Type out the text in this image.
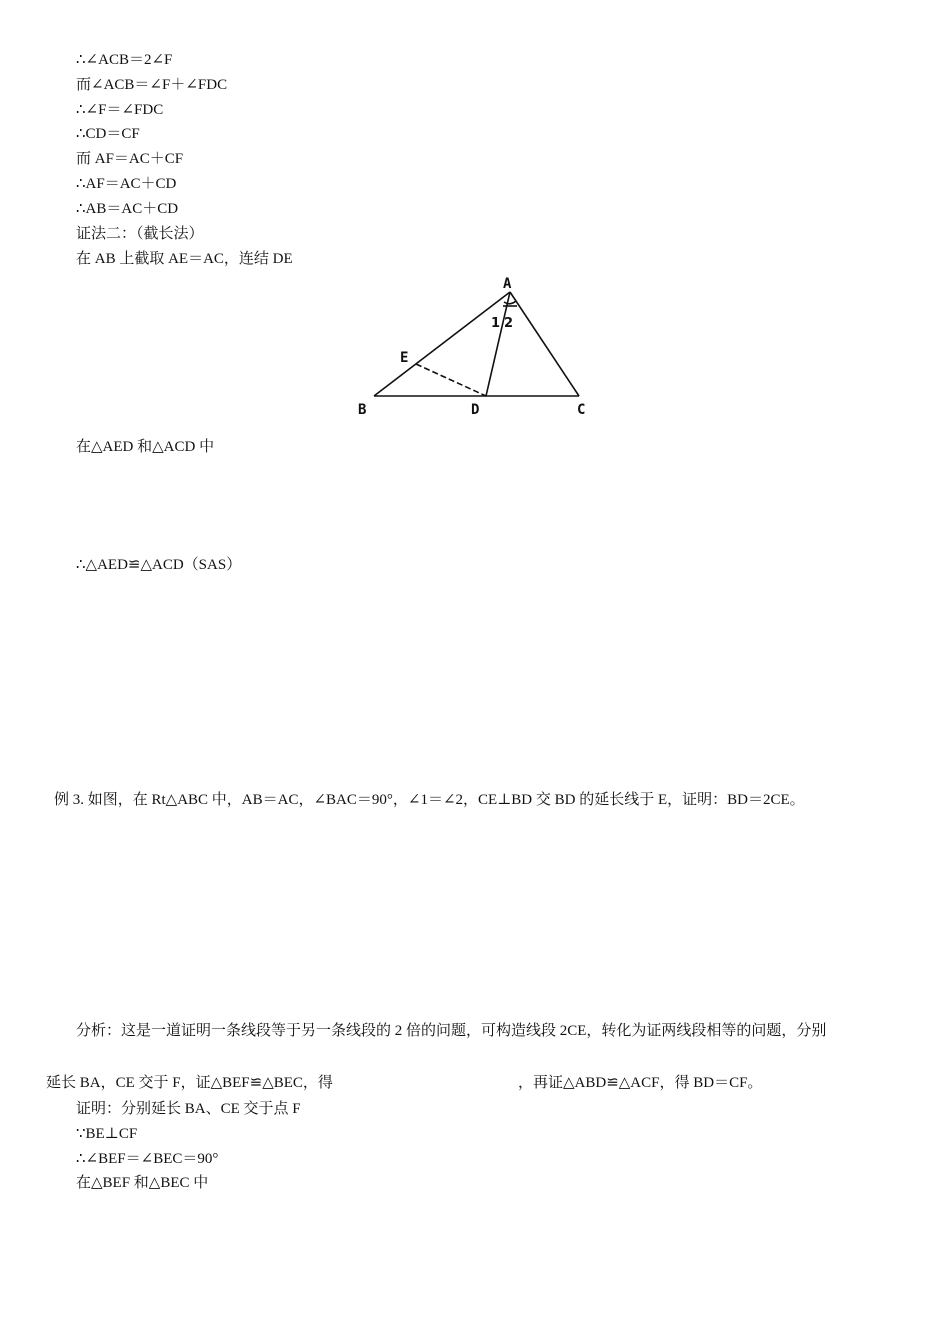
∴∠ACB＝2∠F
而∠ACB＝∠F＋∠FDC
∴∠F＝∠FDC
∴CD＝CF
而 AF＝AC＋CF
∴AF＝AC＋CD
∴AB＝AC＋CD
证法二：（截长法）
在 AB 上截取 AE＝AC，连结 DE
A
B	C
D
E
1 2
在△AED 和△ACD 中
∴△AED≌△ACD（SAS）
例 3. 如图，在 Rt△ABC 中，AB＝AC，∠BAC＝90°，∠1＝∠2，CE⊥BD 交 BD 的延长线于 E，证明：BD＝2CE。
分析：这是一道证明一条线段等于另一条线段的 2 倍的问题，可构造线段 2CE，转化为证两线段相等的问题，分别
延长 BA，CE 交于 F，证△BEF≌△BEC，得	，再证△ABD≌△ACF，得 BD＝CF。
证明：分别延长 BA、CE 交于点 F
∵BE⊥CF
∴∠BEF＝∠BEC＝90°
在△BEF 和△BEC 中
